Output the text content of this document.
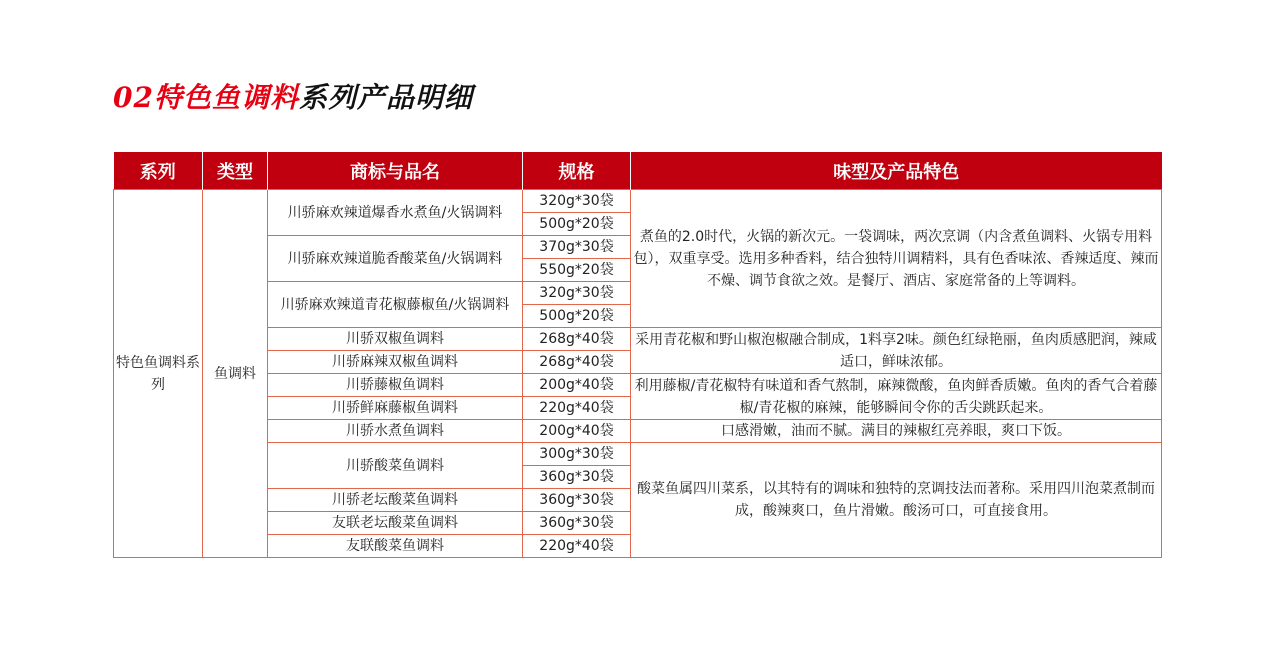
02特色鱼调料系列产品明细
系列	类型	商标与品名	规格	味型及产品特色
特色鱼调料系列	鱼调料	川骄麻欢辣道爆香水煮鱼/火锅调料	320g*30袋	煮鱼的2.0时代，火锅的新次元。一袋调味，两次烹调（内含煮鱼调料、火锅专用料包），双重享受。选用多种香料，结合独特川调精料，具有色香味浓、香辣适度、辣而不燥、调节食欲之效。是餐厅、酒店、家庭常备的上等调料。
			500g*20袋	
		川骄麻欢辣道脆香酸菜鱼/火锅调料	370g*30袋	
			550g*20袋	
		川骄麻欢辣道青花椒藤椒鱼/火锅调料	320g*30袋	
			500g*20袋	
		川骄双椒鱼调料	268g*40袋	采用青花椒和野山椒泡椒融合制成，1料享2味。颜色红绿艳丽，鱼肉质感肥润，辣咸适口，鲜味浓郁。
		川骄麻辣双椒鱼调料	268g*40袋	
		川骄藤椒鱼调料	200g*40袋	利用藤椒/青花椒特有味道和香气熬制，麻辣微酸，鱼肉鲜香质嫩。鱼肉的香气合着藤椒/青花椒的麻辣，能够瞬间令你的舌尖跳跃起来。
		川骄鲜麻藤椒鱼调料	220g*40袋	
		川骄水煮鱼调料	200g*40袋	口感滑嫩，油而不腻。满目的辣椒红亮养眼，爽口下饭。
		川骄酸菜鱼调料	300g*30袋	酸菜鱼属四川菜系，以其特有的调味和独特的烹调技法而著称。采用四川泡菜煮制而成，酸辣爽口，鱼片滑嫩。酸汤可口，可直接食用。
			360g*30袋	
		川骄老坛酸菜鱼调料	360g*30袋	
		友联老坛酸菜鱼调料	360g*30袋	
		友联酸菜鱼调料	220g*40袋	
